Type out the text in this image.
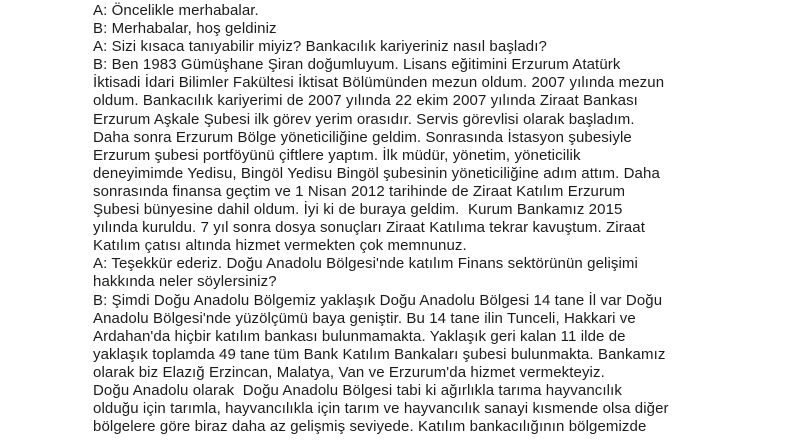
A: Öncelikle merhabalar.
B: Merhabalar, hoş geldiniz
A: Sizi kısaca tanıyabilir miyiz? Bankacılık kariyeriniz nasıl başladı?
B: Ben 1983 Gümüşhane Şiran doğumluyum. Lisans eğitimini Erzurum Atatürk
İktisadi İdari Bilimler Fakültesi İktisat Bölümünden mezun oldum. 2007 yılında mezun
oldum. Bankacılık kariyerimi de 2007 yılında 22 ekim 2007 yılında Ziraat Bankası
Erzurum Aşkale Şubesi ilk görev yerim orasıdır. Servis görevlisi olarak başladım.
Daha sonra Erzurum Bölge yöneticiliğine geldim. Sonrasında İstasyon şubesiyle
Erzurum şubesi portföyünü çiftlere yaptım. İlk müdür, yönetim, yöneticilik
deneyimimde Yedisu, Bingöl Yedisu Bingöl şubesinin yöneticiliğine adım attım. Daha
sonrasında finansa geçtim ve 1 Nisan 2012 tarihinde de Ziraat Katılım Erzurum
Şubesi bünyesine dahil oldum. İyi ki de buraya geldim.  Kurum Bankamız 2015
yılında kuruldu. 7 yıl sonra dosya sonuçları Ziraat Katılıma tekrar kavuştum. Ziraat
Katılım çatısı altında hizmet vermekten çok memnunuz.
A: Teşekkür ederiz. Doğu Anadolu Bölgesi'nde katılım Finans sektörünün gelişimi
hakkında neler söylersiniz?
B: Şimdi Doğu Anadolu Bölgemiz yaklaşık Doğu Anadolu Bölgesi 14 tane İl var Doğu
Anadolu Bölgesi'nde yüzölçümü baya geniştir. Bu 14 tane ilin Tunceli, Hakkari ve
Ardahan'da hiçbir katılım bankası bulunmamakta. Yaklaşık geri kalan 11 ilde de
yaklaşık toplamda 49 tane tüm Bank Katılım Bankaları şubesi bulunmakta. Bankamız
olarak biz Elazığ Erzincan, Malatya, Van ve Erzurum'da hizmet vermekteyiz.
Doğu Anadolu olarak  Doğu Anadolu Bölgesi tabi ki ağırlıkla tarıma hayvancılık
olduğu için tarımla, hayvancılıkla için tarım ve hayvancılık sanayi kısmende olsa diğer
bölgelere göre biraz daha az gelişmiş seviyede. Katılım bankacılığının bölgemizde
